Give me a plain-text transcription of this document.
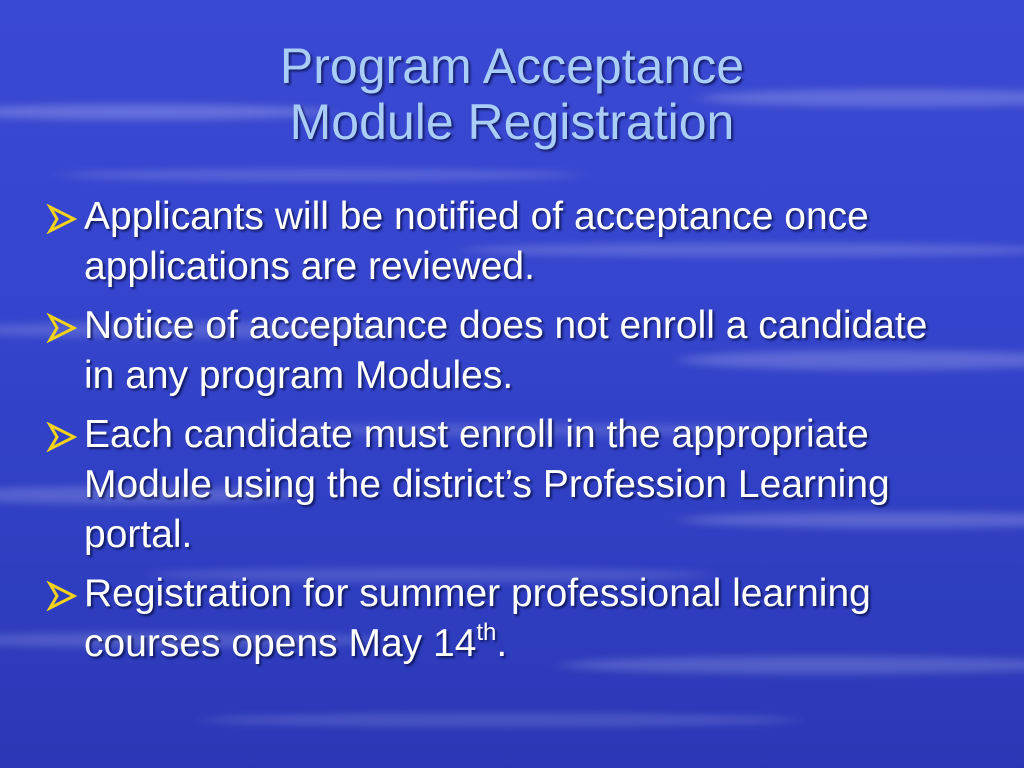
Program Acceptance
Module Registration
Applicants will be notified of acceptance once applications are reviewed.
Notice of acceptance does not enroll a candidate in any program Modules.
Each candidate must enroll in the appropriate Module using the district’s Profession Learning portal.
Registration for summer professional learning courses opens May 14th.
